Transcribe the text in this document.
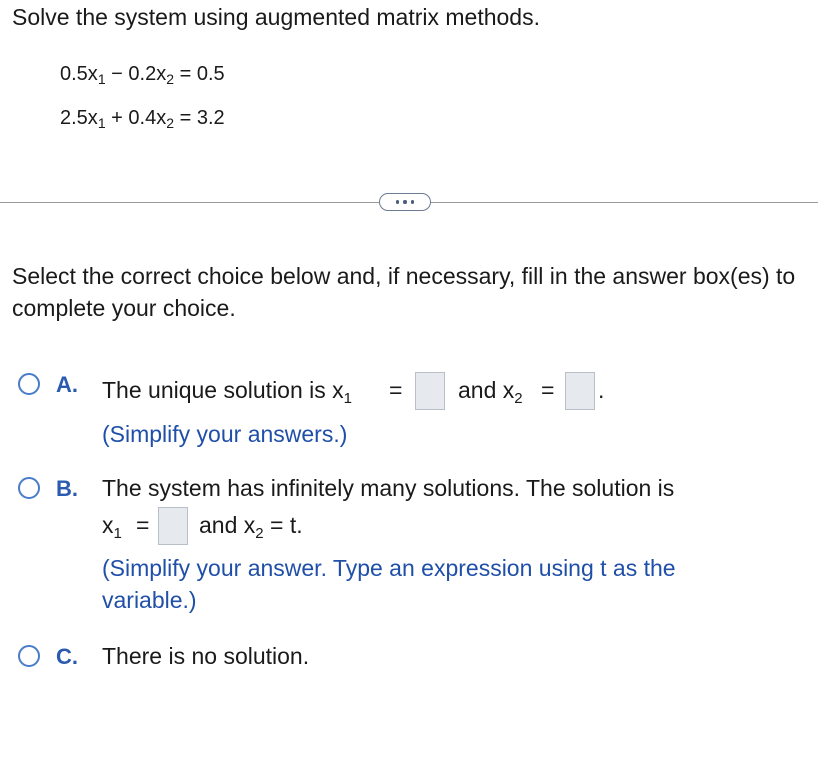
Solve the system using augmented matrix methods.
$0.5x_1 - 0.2x_2 = 0.5$
$2.5x_1 + 0.4x_2 = 3.2$
Select the correct choice below and, if necessary, fill in the answer box(es) to complete your choice.
A. The unique solution is $x_1$ = and $x_2$ = .
(Simplify your answers.)
B. The system has infinitely many solutions. The solution is
$x_1$ = and $x_2 = t$.
(Simplify your answer. Type an expression using t as the
variable.)
C. There is no solution.
